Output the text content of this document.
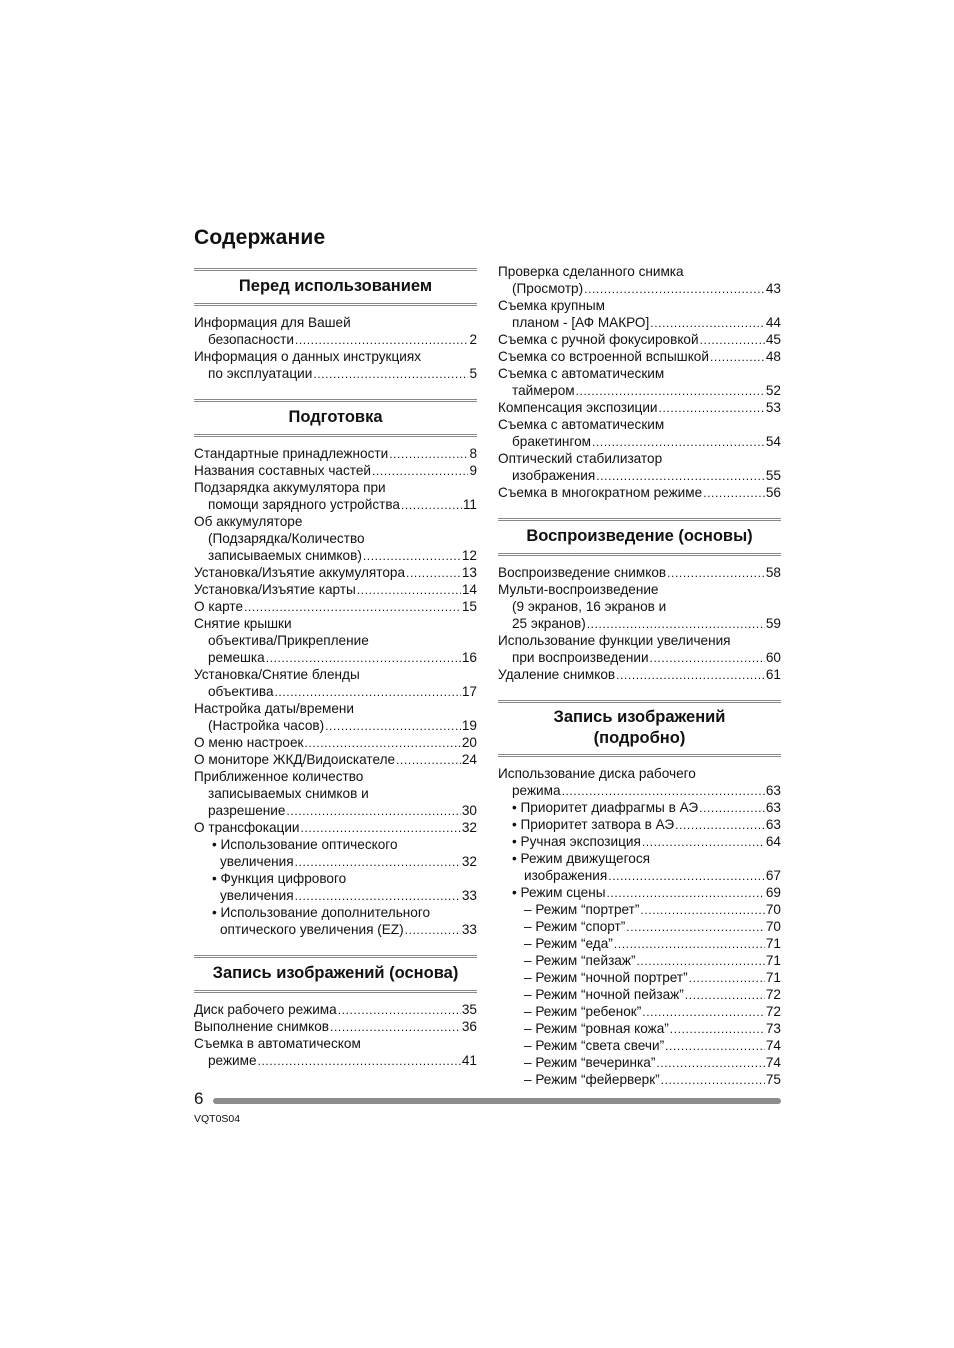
Содержание
Перед использованием
Информация для Вашей
безопасности .....	2
Информация о данных инструкциях
по эксплуатации .....	5
Подготовка
Стандартные принадлежности .....	8
Названия составных частей .....	9
Подзарядка аккумулятора при
помощи зарядного устройства .....	11
Об аккумуляторе
(Подзарядка/Количество
записываемых снимков) .....	12
Установка/Изъятие аккумулятора .....	13
Установка/Изъятие карты .....	14
О карте .....	15
Снятие крышки
объектива/Прикрепление
ремешка .....	16
Установка/Снятие бленды
объектива .....	17
Настройка даты/времени
(Настройка часов) .....	19
О меню настроек .....	20
О мониторе ЖКД/Видоискателе .....	24
Приближенное количество
записываемых снимков и
разрешение .....	30
О трансфокации .....	32
• Использование оптического
увеличения .....	32
• Функция цифрового
увеличения .....	33
• Использование дополнительного
оптического увеличения (EZ) .....	33
Запись изображений (основа)
Диск рабочего режима .....	35
Выполнение снимков .....	36
Съемка в автоматическом
режиме .....	41
Проверка сделанного снимка
(Просмотр) .....	43
Съемка крупным
планом - [АФ МАКРО] .....	44
Съемка с ручной фокусировкой .....	45
Съемка со встроенной вспышкой .....	48
Съемка с автоматическим
таймером .....	52
Компенсация экспозиции .....	53
Съемка с автоматическим
бракетингом .....	54
Оптический стабилизатор
изображения .....	55
Съемка в многократном режиме .....	56
Воспроизведение (основы)
Воспроизведение снимков .....	58
Мульти-воспроизведение
(9 экранов, 16 экранов и
25 экранов) .....	59
Использование функции увеличения
при воспроизведении .....	60
Удаление снимков .....	61
Запись изображений
(подробно)
Использование диска рабочего
режима .....	63
• Приоритет диафрагмы в АЭ .....	63
• Приоритет затвора в АЭ .....	63
• Ручная экспозиция .....	64
• Режим движущегося
изображения .....	67
• Режим сцены .....	69
– Режим “портрет” .....	70
– Режим “спорт” .....	70
– Режим “еда” .....	71
– Режим “пейзаж” .....	71
– Режим “ночной портрет” .....	71
– Режим “ночной пейзаж” .....	72
– Режим “ребенок” .....	72
– Режим “ровная кожа” .....	73
– Режим “света свечи” .....	74
– Режим “вечеринка” .....	74
– Режим “фейерверк” .....	75
6
VQT0S04
